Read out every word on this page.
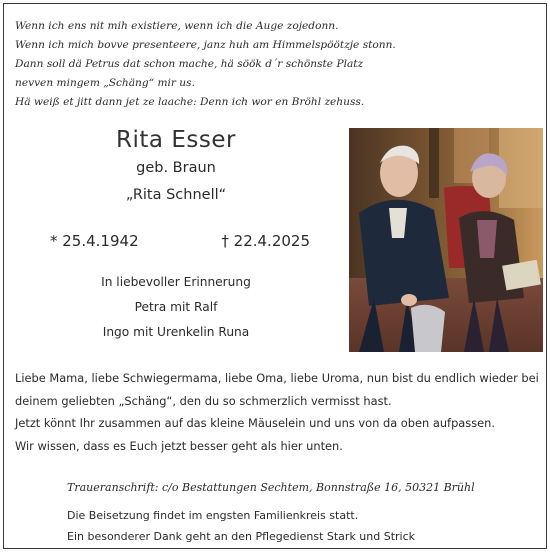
Wenn ich ens nit mih existiere, wenn ich die Auge zojedonn.
Wenn ich mich bovve presenteere, janz huh am Himmelspöötzje stonn.
Dann soll dä Petrus dat schon mache, hä söök d´r schönste Platz
nevven mingem „Schäng“ mir us.
Hä weiß et jitt dann jet ze laache: Denn ich wor en Bröhl zehuss.
Rita Esser
geb. Braun
„Rita Schnell“
* 25.4.1942	† 22.4.2025
In liebevoller Erinnerung
Petra mit Ralf
Ingo mit Urenkelin Runa
Liebe Mama, liebe Schwiegermama, liebe Oma, liebe Uroma, nun bist du endlich wieder bei
deinem geliebten „Schäng“, den du so schmerzlich vermisst hast.
Jetzt könnt Ihr zusammen auf das kleine Mäuselein und uns von da oben aufpassen.
Wir wissen, dass es Euch jetzt besser geht als hier unten.
Traueranschrift: c/o Bestattungen Sechtem, Bonnstraße 16, 50321 Brühl
Die Beisetzung findet im engsten Familienkreis statt.
Ein besonderer Dank geht an den Pflegedienst Stark und Strick
